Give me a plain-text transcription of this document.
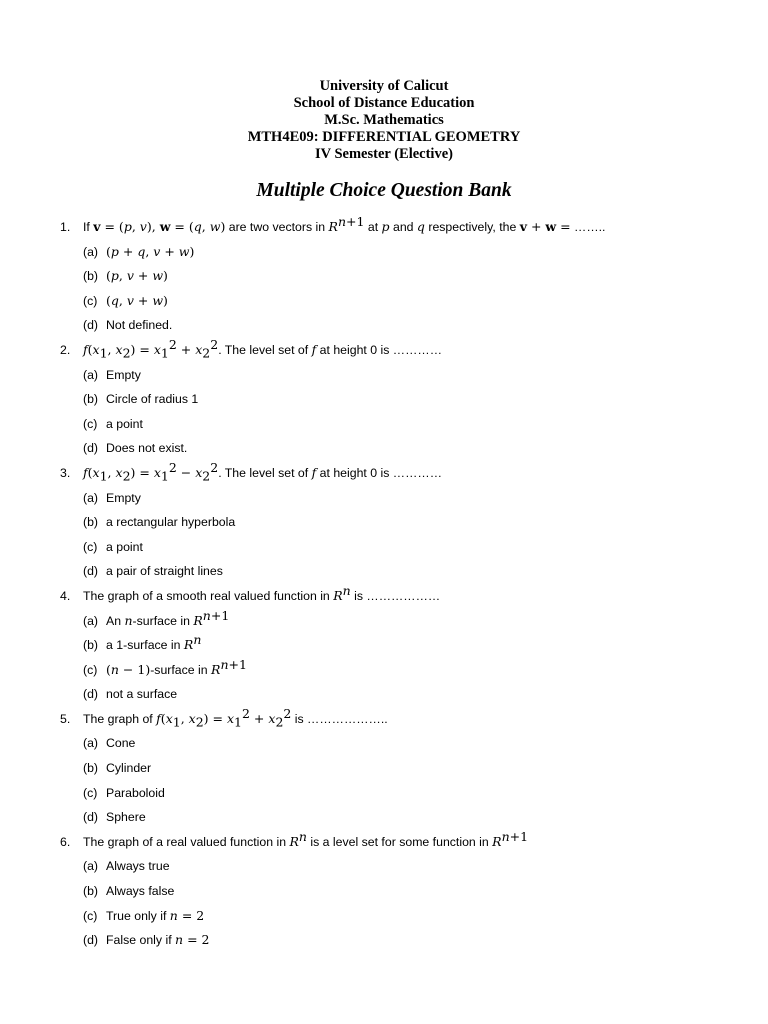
University of Calicut
School of Distance Education
M.Sc. Mathematics
MTH4E09: DIFFERENTIAL GEOMETRY
IV Semester (Elective)
Multiple Choice Question Bank
1. If v = (p, v), w = (q, w) are two vectors in $R^{n+1}$ at p and q respectively, the v + w = ……..
(a) (p + q, v + w)
(b) (p, v + w)
(c) (q, v + w)
(d) Not defined.
2. $f(x_1$, $x_2) = x_1^2 + x_2^2$. The level set of f at height 0 is …………
(a) Empty
(b) Circle of radius 1
(c) a point
(d) Does not exist.
3. $f(x_1$, $x_2) = x_1^2 - x_2^2$. The level set of f at height 0 is …………
(a) Empty
(b) a rectangular hyperbola
(c) a point
(d) a pair of straight lines
4. The graph of a smooth real valued function in $R^n$ is ………………
(a) An n-surface in $R^{n+1}$
(b) a 1-surface in $R^n$
(c) (n − 1)-surface in $R^{n+1}$
(d) not a surface
5. The graph of $f(x_1$, $x_2) = x_1^2 + x_2^2$ is ………………..
(a) Cone
(b) Cylinder
(c) Paraboloid
(d) Sphere
6. The graph of a real valued function in $R^n$ is a level set for some function in $R^{n+1}$
(a) Always true
(b) Always false
(c) True only if n = 2
(d) False only if n = 2
